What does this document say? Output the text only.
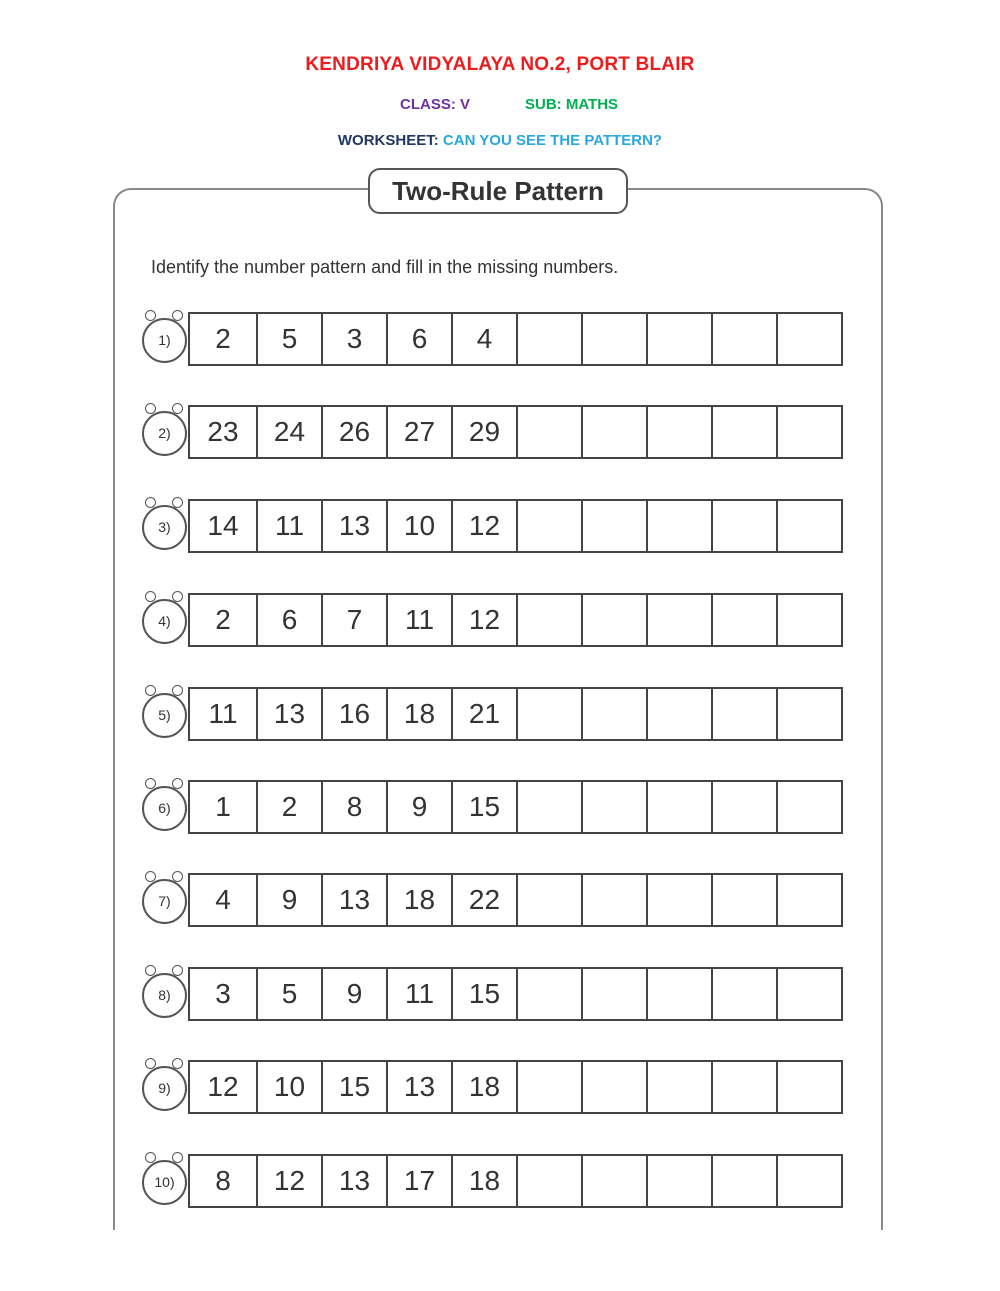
KENDRIYA VIDYALAYA NO.2, PORT BLAIR
CLASS: V	SUB: MATHS
WORKSHEET: CAN YOU SEE THE PATTERN?
Two-Rule Pattern
Identify the number pattern and fill in the missing numbers.
1)	2	5	3	6	4
2)	23	24	26	27	29
3)	14	11	13	10	12
4)	2	6	7	11	12
5)	11	13	16	18	21
6)	1	2	8	9	15
7)	4	9	13	18	22
8)	3	5	9	11	15
9)	12	10	15	13	18
10)	8	12	13	17	18
